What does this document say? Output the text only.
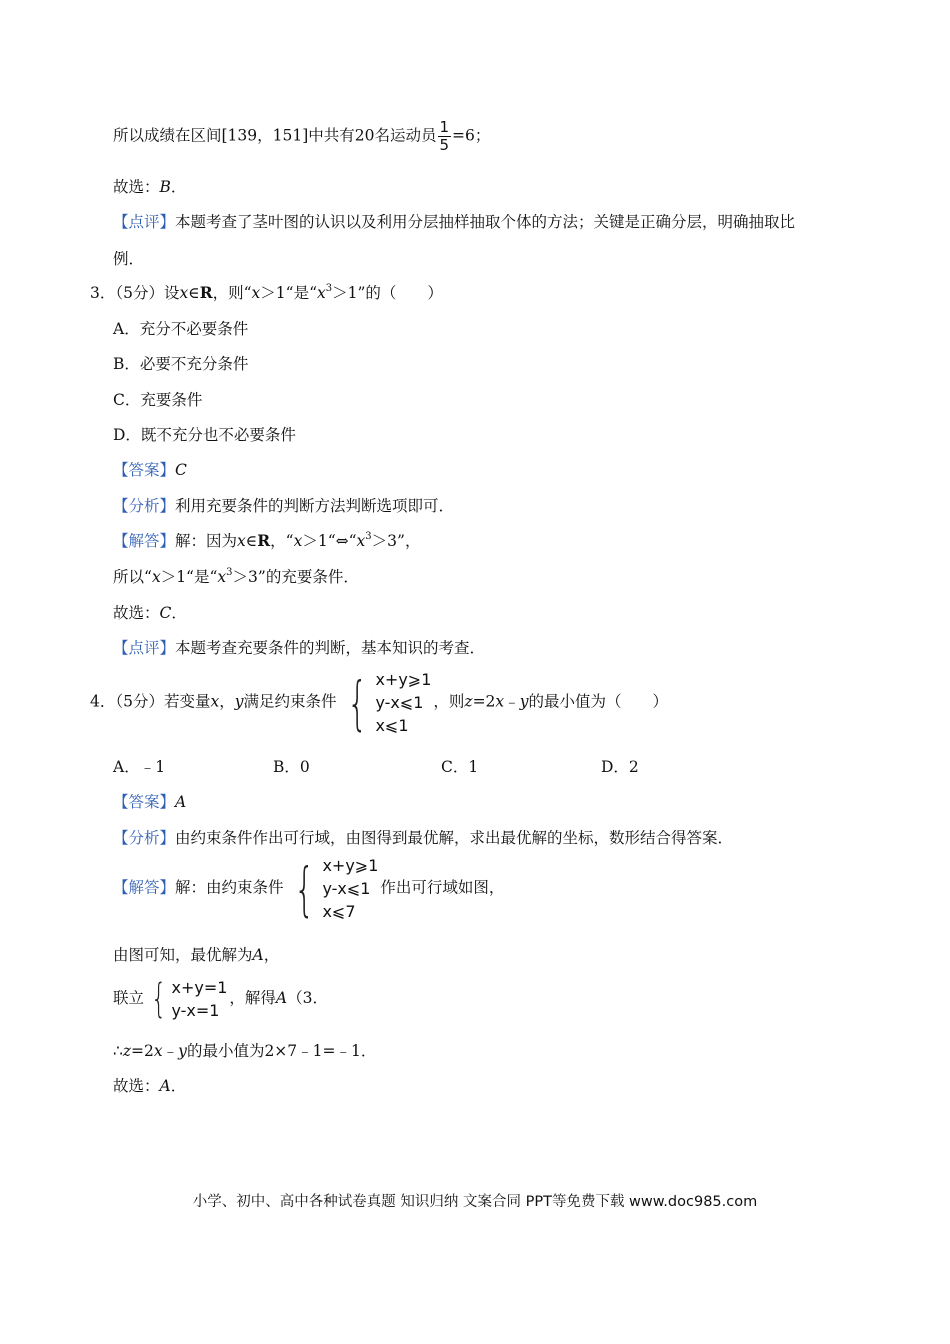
所以成绩在区间[139，151]中共有20名运动员 $\frac{1}{5} =6$；
故选：B．
【点评】本题考查了茎叶图的认识以及利用分层抽样抽取个体的方法；关键是正确分层，明确抽取比
例．
3．（5分）设x∈R，则“x＞1“是“$x^3>1$”的（　　）
A．充分不必要条件
B．必要不充分条件
C．充要条件
D．既不充分也不必要条件
【答案】C
【分析】利用充要条件的判断方法判断选项即可．
【解答】解：因为x∈R，“$x>1“\Leftrightarrow“x^3>3$”，
所以“x＞1“是“$x^3>3$”的充要条件．
故选：C．
【点评】本题考查充要条件的判断，基本知识的考查．
4．（5分）若变量x，y满足约束条件 { x+y⩾1
y-x⩽1
x⩽1
，则z=2x﹣y的最小值为（　　）
A．﹣1	B．0	C．1	D．2
【答案】A
【分析】由约束条件作出可行域，由图得到最优解，求出最优解的坐标，数形结合得答案．
【解答】解：由约束条件 { x+y⩾1
y-x⩽1
x⩽7
作出可行域如图，
由图可知，最优解为A，
联立 { x+y=1
y-x=1
，解得A（3．
∴z=2x﹣y的最小值为2×7﹣1=﹣1．
故选：A．
小学、初中、高中各种试卷真题 知识归纳 文案合同 PPT等免费下载 www.doc985.com
